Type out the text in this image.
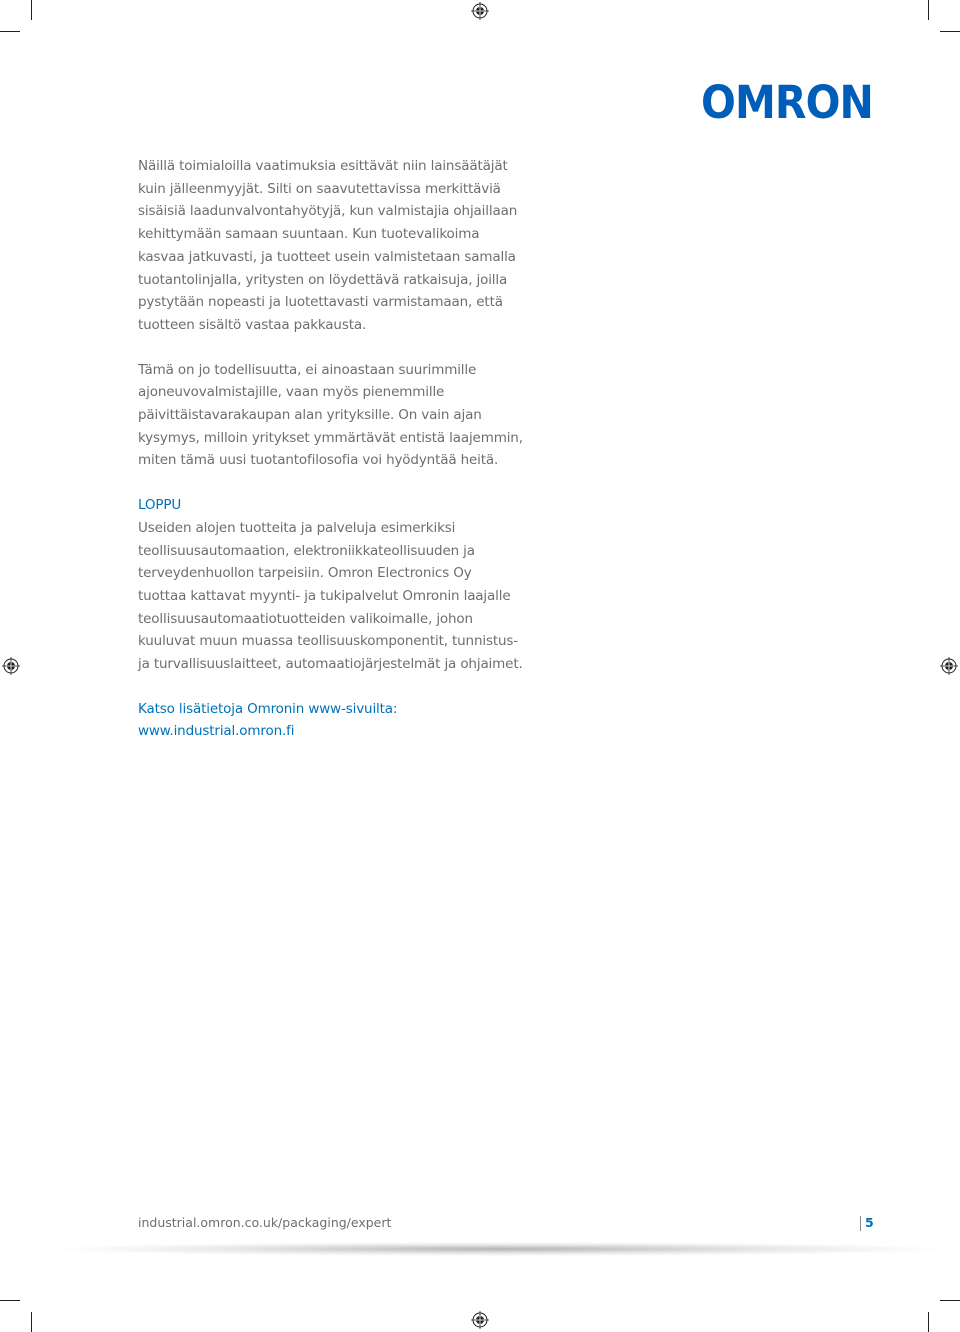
OMRON

Näillä toimialoilla vaatimuksia esittävät niin lainsäätäjät
kuin jälleenmyyjät. Silti on saavutettavissa merkittäviä
sisäisiä laadunvalvontahyötyjä, kun valmistajia ohjaillaan
kehittymään samaan suuntaan. Kun tuotevalikoima
kasvaa jatkuvasti, ja tuotteet usein valmistetaan samalla
tuotantolinjalla, yritysten on löydettävä ratkaisuja, joilla
pystytään nopeasti ja luotettavasti varmistamaan, että
tuotteen sisältö vastaa pakkausta.

Tämä on jo todellisuutta, ei ainoastaan suurimmille
ajoneuvovalmistajille, vaan myös pienemmille
päivittäistavarakaupan alan yrityksille. On vain ajan
kysymys, milloin yritykset ymmärtävät entistä laajemmin,
miten tämä uusi tuotantofilosofia voi hyödyntää heitä.

LOPPU
Useiden alojen tuotteita ja palveluja esimerkiksi
teollisuusautomaation, elektroniikkateollisuuden ja
terveydenhuollon tarpeisiin. Omron Electronics Oy
tuottaa kattavat myynti- ja tukipalvelut Omronin laajalle
teollisuusautomaatiotuotteiden valikoimalle, johon
kuuluvat muun muassa teollisuuskomponentit, tunnistus-
ja turvallisuuslaitteet, automaatiojärjestelmät ja ohjaimet.
Katso lisätietoja Omronin www-sivuilta:
www.industrial.omron.fi
industrial.omron.co.uk/packaging/expert	5
